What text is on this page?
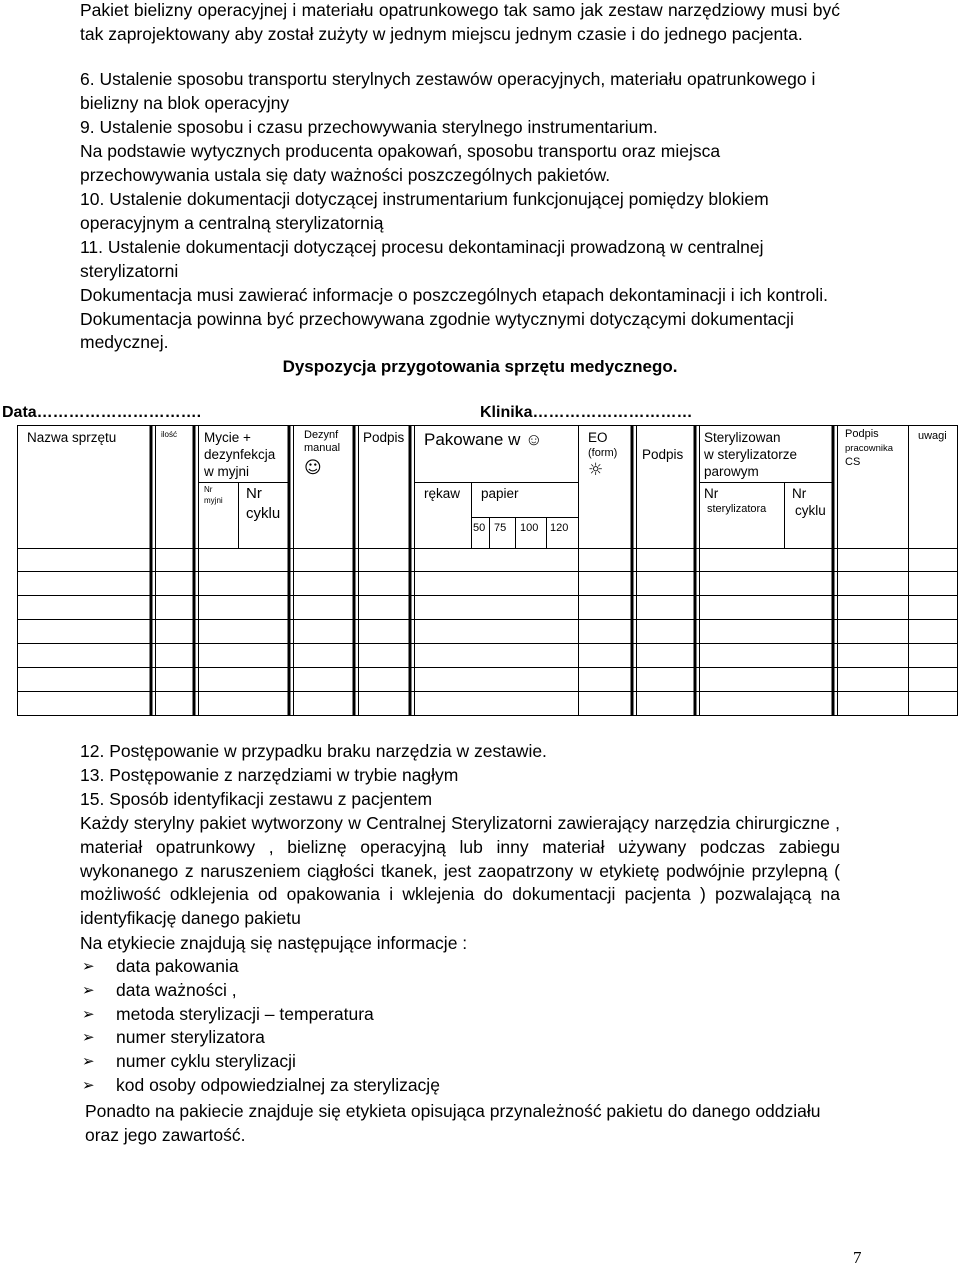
Pakiet bielizny operacyjnej i materiału opatrunkowego tak samo jak zestaw narzędziowy musi być tak zaprojektowany aby został zużyty w jednym miejscu jednym czasie i do jednego pacjenta.

6. Ustalenie sposobu transportu sterylnych zestawów operacyjnych, materiału opatrunkowego i bielizny na blok operacyjny

9. Ustalenie sposobu i czasu przechowywania sterylnego instrumentarium.

Na podstawie wytycznych producenta opakowań, sposobu transportu oraz miejsca przechowywania ustala się daty ważności poszczególnych pakietów.

10. Ustalenie dokumentacji dotyczącej instrumentarium funkcjonującej pomiędzy blokiem operacyjnym a centralną sterylizatornią

11. Ustalenie dokumentacji dotyczącej procesu dekontaminacji prowadzoną w centralnej sterylizatorni

Dokumentacja musi zawierać informacje o poszczególnych etapach dekontaminacji i ich kontroli. Dokumentacja powinna być przechowywana zgodnie wytycznymi dotyczącymi dokumentacji medycznej.

Dyspozycja przygotowania sprzętu medycznego.
Data………………………….	Klinika…………………………
Nazwa sprzętu	ilość Mycie +
dezynfekcja
w myjni
Nr
myjni Nr
cyklu
Dezynf
manual
☺
Podpis Pakowane w ☺
rękaw papier
50 75 100 120
EO
(form)
☼
Podpis
Sterylizowan
w sterylizatorze
parowym
Nr
sterylizatora
Nr
cyklu
Podpis
pracownika
CS
uwagi

12. Postępowanie w przypadku braku narzędzia w zestawie.

13. Postępowanie z narzędziami w trybie nagłym

15. Sposób identyfikacji zestawu z pacjentem

Każdy sterylny pakiet wytworzony w Centralnej Sterylizatorni zawierający narzędzia chirurgiczne , materiał opatrunkowy , bieliznę operacyjną lub inny materiał używany podczas zabiegu wykonanego z naruszeniem ciągłości tkanek, jest zaopatrzony w etykietę podwójnie przylepną ( możliwość odklejenia od opakowania i wklejenia do dokumentacji pacjenta ) pozwalającą na identyfikację danego pakietu

Na etykiecie znajdują się następujące informacje :

➢ data pakowania
➢ data ważności ,
➢ metoda sterylizacji – temperatura
➢ numer sterylizatora
➢ numer cyklu sterylizacji
➢ kod osoby odpowiedzialnej za sterylizację

Ponadto na pakiecie znajduje się etykieta opisująca przynależność pakietu do danego oddziału oraz jego zawartość.

7
